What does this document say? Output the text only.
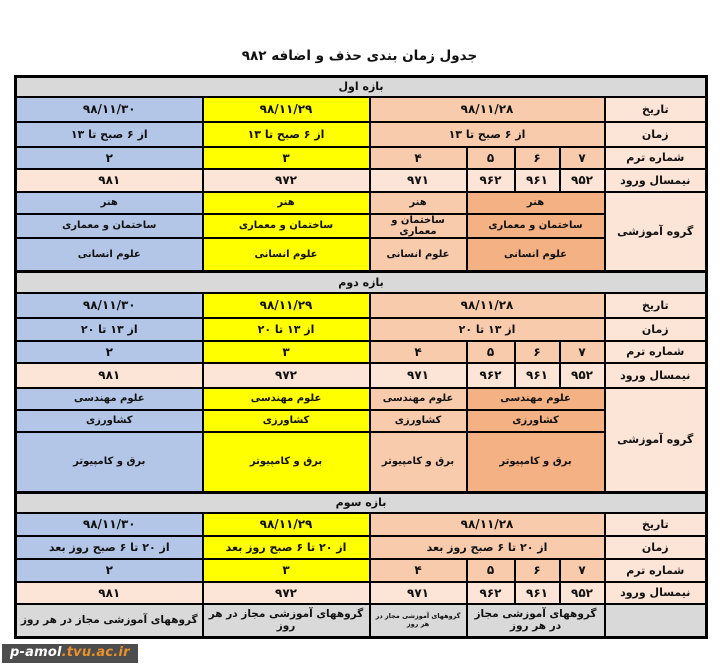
جدول زمان بندی حذف و اضافه ۹۸۲
بازه اول						
تاریخ	۹۸/۱۱/۲۸				۹۸/۱۱/۲۹	۹۸/۱۱/۳۰
زمان	از ۶ صبح تا ۱۳				از ۶ صبح تا ۱۳	از ۶ صبح تا ۱۳
شماره ترم	۷	۶	۵	۴	۳	۲
نیمسال ورود	۹۵۲	۹۶۱	۹۶۲	۹۷۱	۹۷۲	۹۸۱
گروه آموزشی	هنر			هنر	هنر	هنر
	ساختمان و معماری			ساختمان و معماری	ساختمان و معماری	ساختمان و معماری
	علوم انسانی			علوم انسانی	علوم انسانی	علوم انسانی
بازه دوم						
تاریخ	۹۸/۱۱/۲۸				۹۸/۱۱/۲۹	۹۸/۱۱/۳۰
زمان	از ۱۳ تا ۲۰				از ۱۳ تا ۲۰	از ۱۳ تا ۲۰
شماره ترم	۷	۶	۵	۴	۳	۲
نیمسال ورود	۹۵۲	۹۶۱	۹۶۲	۹۷۱	۹۷۲	۹۸۱
گروه آموزشی	علوم مهندسی			علوم مهندسی	علوم مهندسی	علوم مهندسی
	کشاورزی			کشاورزی	کشاورزی	کشاورزی
	برق و کامپیوتر			برق و کامپیوتر	برق و کامپیوتر	برق و کامپیوتر
بازه سوم						
تاریخ	۹۸/۱۱/۲۸				۹۸/۱۱/۲۹	۹۸/۱۱/۳۰
زمان	از ۲۰ تا ۶ صبح روز بعد				از ۲۰ تا ۶ صبح روز بعد	از ۲۰ تا ۶ صبح روز بعد
شماره ترم	۷	۶	۵	۴	۳	۲
نیمسال ورود	۹۵۲	۹۶۱	۹۶۲	۹۷۱	۹۷۲	۹۸۱
	گروههای آموزشی مجاز در هر روز			گروههای آموزشی مجاز در هر روز	گروههای آموزشی مجاز در هر روز	گروههای آموزشی مجاز در هر روز
p-amol.tvu.ac.ir
